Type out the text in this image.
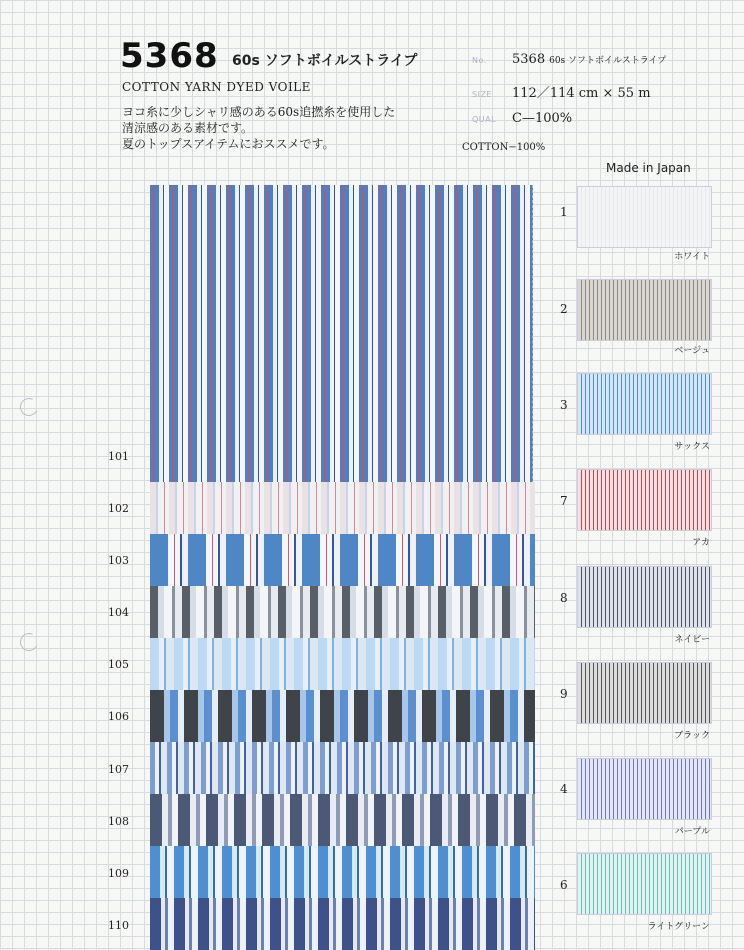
5368 60s ソフトボイルストライプ
COTTON YARN DYED VOILE
ヨコ糸に少しシャリ感のある60s追撚糸を使用した
清涼感のある素材です。
夏のトップスアイテムにおススメです。
No.	5368 60s ソフトボイルストライプ
SIZE	112／114 cm × 55 m
QUAL	C—100%
COTTON−100%
Made in Japan
101
102
103
104
105
106
107
108
109
110
1
ホワイト
2
ベージュ
3
サックス
7
アカ
8
ネイビー
9
ブラック
4
パープル
6
ライトグリーン
